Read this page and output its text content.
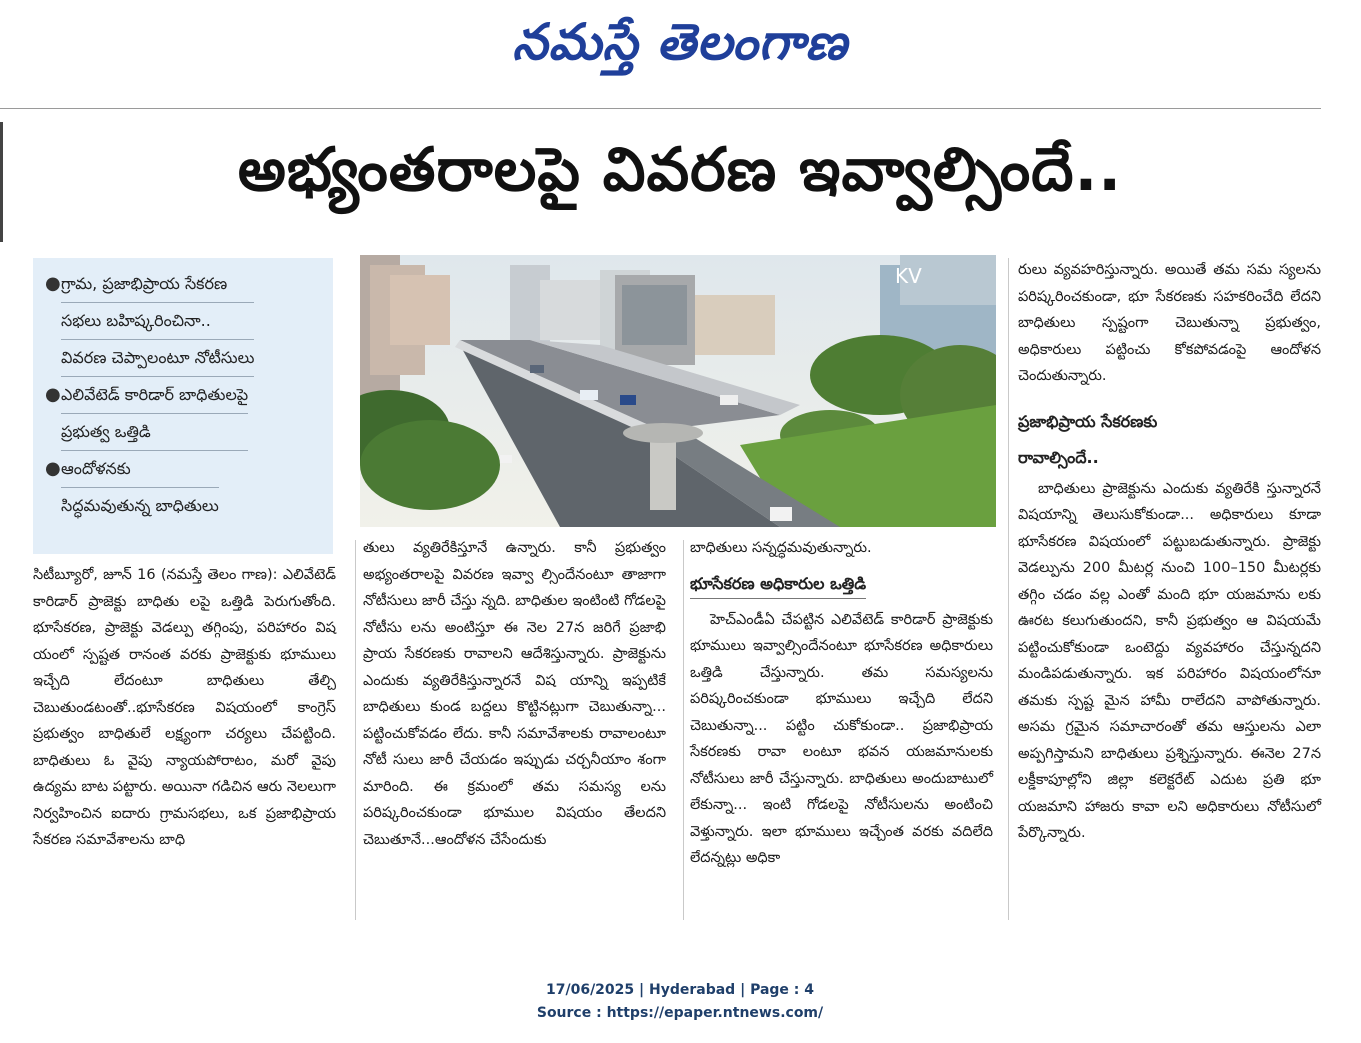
నమస్తే తెలంగాణ
అభ్యంతరాలపై వివరణ ఇవ్వాల్సిందే..
● గ్రామ, ప్రజాభిప్రాయ సేకరణ
సభలు బహిష్కరించినా..
వివరణ చెప్పాలంటూ నోటీసులు
● ఎలివేటెడ్ కారిడార్ బాధితులపై
ప్రభుత్వ ఒత్తిడి
● ఆందోళనకు
సిద్ధమవుతున్న బాధితులు
KV

సిటీబ్యూరో, జూన్ 16 (నమస్తే తెలం గాణ): ఎలివేటెడ్ కారిడార్ ప్రాజెక్టు బాధితు లపై ఒత్తిడి పెరుగుతోంది. భూసేకరణ, ప్రాజెక్టు వెడల్పు తగ్గింపు, పరిహారం విష యంలో స్పష్టత రానంత వరకు ప్రాజెక్టుకు భూములు ఇచ్చేది లేదంటూ బాధితులు తేల్చి చెబుతుండటంతో..భూసేకరణ విషయంలో కాంగ్రెస్ ప్రభుత్వం బాధితులే లక్ష్యంగా చర్యలు చేపట్టింది. బాధితులు ఓ వైపు న్యాయపోరాటం, మరో వైపు ఉద్యమ బాట పట్టారు. అయినా గడిచిన ఆరు నెలలుగా నిర్వహించిన ఐదారు గ్రామసభలు, ఒక ప్రజాభిప్రాయ సేకరణ సమావేశాలను బాధి

తులు వ్యతిరేకిస్తూనే ఉన్నారు. కానీ ప్రభుత్వం అభ్యంతరాలపై వివరణ ఇవ్వా ల్సిందేనంటూ తాజాగా నోటీసులు జారీ చేస్తు న్నది. బాధితుల ఇంటింటి గోడలపై నోటీసు లను అంటిస్తూ ఈ నెల 27న జరిగే ప్రజాభి ప్రాయ సేకరణకు రావాలని ఆదేశిస్తున్నారు. ప్రాజెక్టును ఎందుకు వ్యతిరేకిస్తున్నారనే విష యాన్ని ఇప్పటికే బాధితులు కుండ బద్దలు కొట్టినట్లుగా చెబుతున్నా... పట్టించుకోవడం లేదు. కానీ సమావేశాలకు రావాలంటూ నోటీ సులు జారీ చేయడం ఇప్పుడు చర్చనీయాం శంగా మారింది. ఈ క్రమంలో తమ సమస్య లను పరిష్కరించకుండా భూముల విషయం తేలదని చెబుతూనే...ఆందోళన చేసేందుకు

బాధితులు సన్నద్ధమవుతున్నారు.

భూసేకరణ అధికారుల ఒత్తిడి

హెచ్ఎండీఏ చేపట్టిన ఎలివేటెడ్ కారిడార్ ప్రాజెక్టుకు భూములు ఇవ్వాల్సిందేనంటూ భూసేకరణ అధికారులు ఒత్తిడి చేస్తున్నారు. తమ సమస్యలను పరిష్కరించకుండా భూములు ఇచ్చేది లేదని చెబుతున్నా... పట్టిం చుకోకుండా.. ప్రజాభిప్రాయ సేకరణకు రావా లంటూ భవన యజమానులకు నోటీసులు జారీ చేస్తున్నారు. బాధితులు అందుబాటులో లేకున్నా... ఇంటి గోడలపై నోటీసులను అంటించి వెళ్తున్నారు. ఇలా భూములు ఇచ్చేంత వరకు వదిలేది లేదన్నట్లు అధికా

రులు వ్యవహరిస్తున్నారు. అయితే తమ సమ స్యలను పరిష్కరించకుండా, భూ సేకరణకు సహకరించేది లేదని బాధితులు స్పష్టంగా చెబుతున్నా ప్రభుత్వం, అధికారులు పట్టించు కోకపోవడంపై ఆందోళన చెందుతున్నారు.

ప్రజాభిప్రాయ సేకరణకు
రావాల్సిందే..

బాధితులు ప్రాజెక్టును ఎందుకు వ్యతిరేకి స్తున్నారనే విషయాన్ని తెలుసుకోకుండా... అధికారులు కూడా భూసేకరణ విషయంలో పట్టుబడుతున్నారు. ప్రాజెక్టు వెడల్పును 200 మీటర్ల నుంచి 100–150 మీటర్లకు తగ్గిం చడం వల్ల ఎంతో మంది భూ యజమాను లకు ఊరట కలుగుతుందని, కానీ ప్రభుత్వం ఆ విషయమే పట్టించుకోకుండా ఒంటెద్దు వ్యవహారం చేస్తున్నదని మండిపడుతున్నారు. ఇక పరిహారం విషయంలోనూ తమకు స్పష్ట మైన హామీ రాలేదని వాపోతున్నారు. అసమ గ్రమైన సమాచారంతో తమ ఆస్తులను ఎలా అప్పగిస్తామని బాధితులు ప్రశ్నిస్తున్నారు. ఈనెల 27న లక్డీకాపూల్లోని జిల్లా కలెక్టరేట్ ఎదుట ప్రతి భూ యజమాని హాజరు కావా లని అధికారులు నోటీసులో పేర్కొన్నారు.

17/06/2025 | Hyderabad | Page : 4
Source : https://epaper.ntnews.com/
